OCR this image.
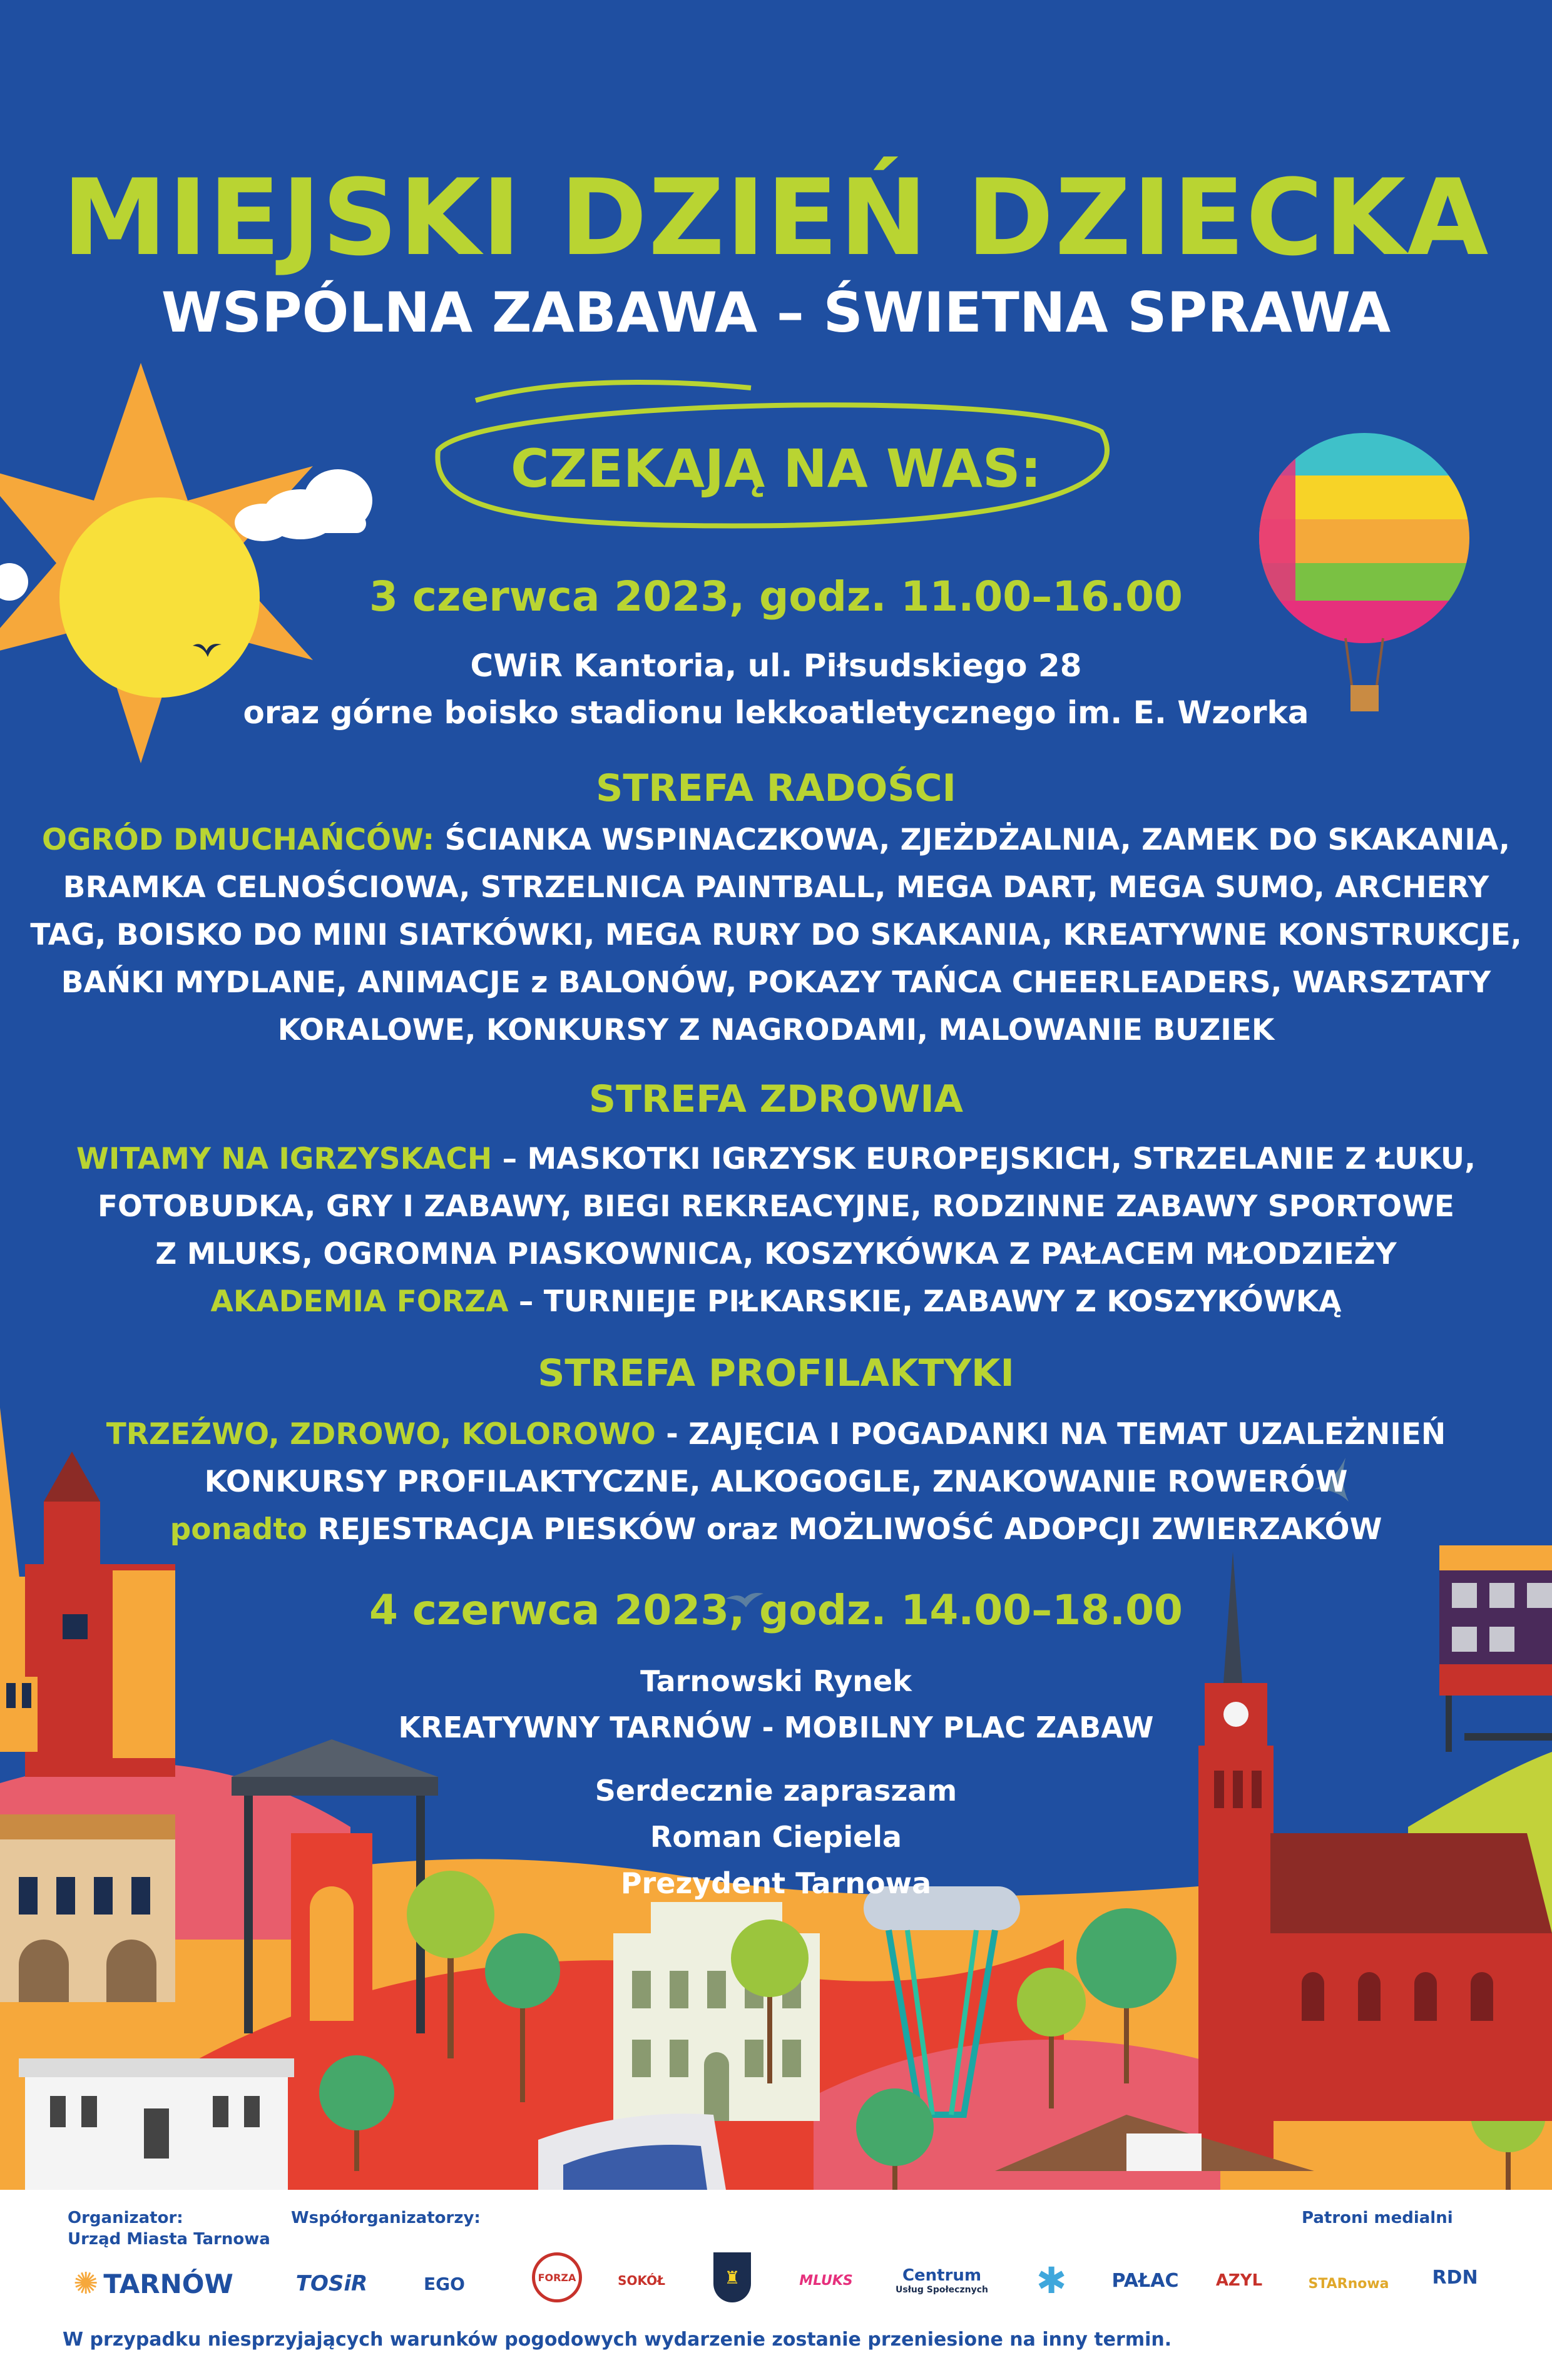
MIEJSKI DZIEŃ DZIECKA
WSPÓLNA ZABAWA – ŚWIETNA SPRAWA
CZEKAJĄ NA WAS:
3 czerwca 2023, godz. 11.00–16.00
CWiR Kantoria, ul. Piłsudskiego 28
oraz górne boisko stadionu lekkoatletycznego im. E. Wzorka
STREFA RADOŚCI
OGRÓD DMUCHAŃCÓW: ŚCIANKA WSPINACZKOWA, ZJEŻDŻALNIA, ZAMEK DO SKAKANIA,
BRAMKA CELNOŚCIOWA, STRZELNICA PAINTBALL, MEGA DART, MEGA SUMO, ARCHERY
TAG, BOISKO DO MINI SIATKÓWKI, MEGA RURY DO SKAKANIA, KREATYWNE KONSTRUKCJE,
BAŃKI MYDLANE, ANIMACJE z BALONÓW, POKAZY TAŃCA CHEERLEADERS, WARSZTATY
KORALOWE, KONKURSY Z NAGRODAMI, MALOWANIE BUZIEK
STREFA ZDROWIA
WITAMY NA IGRZYSKACH – MASKOTKI IGRZYSK EUROPEJSKICH, STRZELANIE Z ŁUKU,
FOTOBUDKA, GRY I ZABAWY, BIEGI REKREACYJNE, RODZINNE ZABAWY SPORTOWE
Z MLUKS, OGROMNA PIASKOWNICA, KOSZYKÓWKA Z PAŁACEM MŁODZIEŻY
AKADEMIA FORZA – TURNIEJE PIŁKARSKIE, ZABAWY Z KOSZYKÓWKĄ
STREFA PROFILAKTYKI
TRZEŹWO, ZDROWO, KOLOROWO - ZAJĘCIA I POGADANKI NA TEMAT UZALEŻNIEŃ
KONKURSY PROFILAKTYCZNE, ALKOGOGLE, ZNAKOWANIE ROWERÓW
ponadto REJESTRACJA PIESKÓW oraz MOŻLIWOŚĆ ADOPCJI ZWIERZAKÓW
4 czerwca 2023, godz. 14.00–18.00
Tarnowski Rynek
KREATYWNY TARNÓW - MOBILNY PLAC ZABAW
Serdecznie zapraszam
Roman Ciepiela
Prezydent Tarnowa
Organizator:
Urząd Miasta Tarnowa
✺ TARNÓW
Współorganizatorzy:	Patroni medialni
TOSiR	EGO	FORZA	SOKÓŁ	♜	MLUKS	Centrum
Usług Społecznych ✱ PAŁAC	AZYL	STARnowa	RDN
W przypadku niesprzyjających warunków pogodowych wydarzenie zostanie przeniesione na inny termin.
